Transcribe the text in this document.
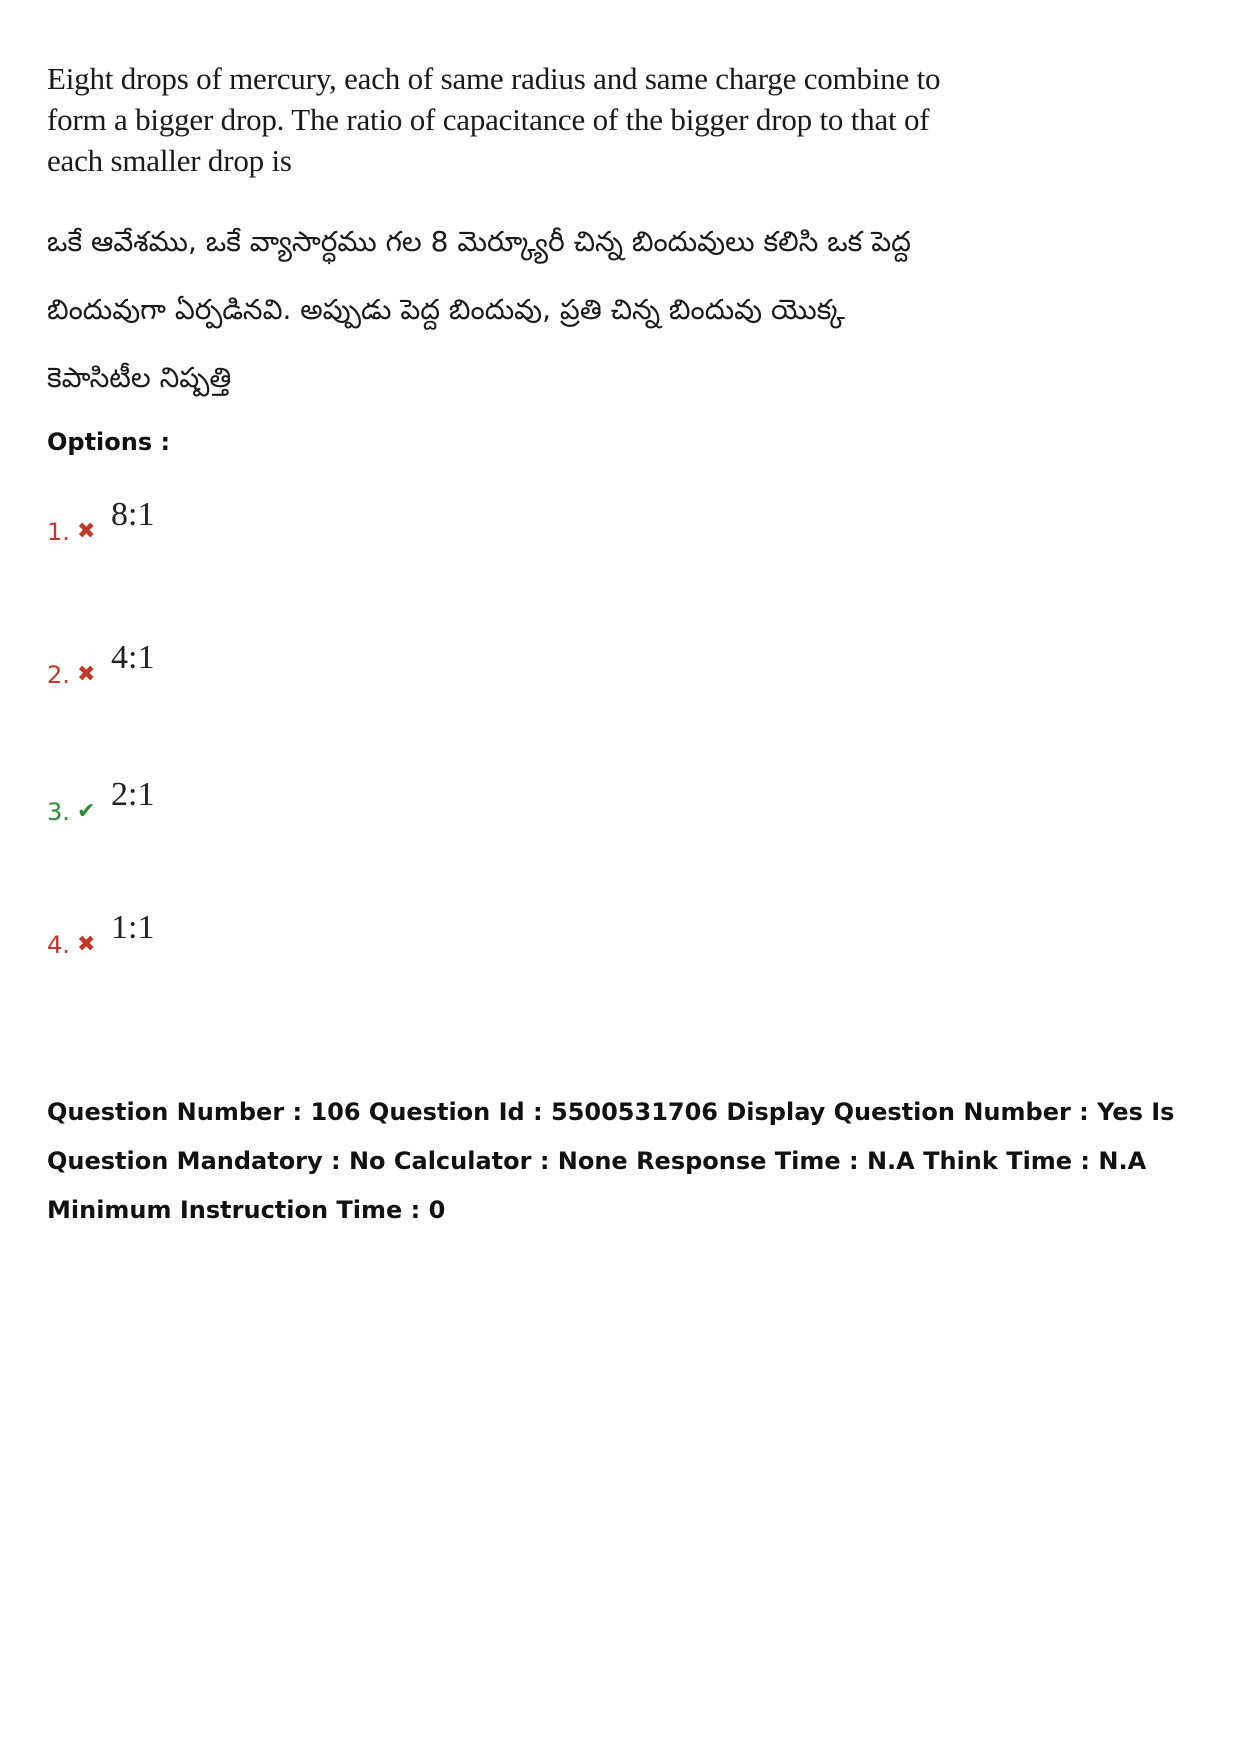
Eight drops of mercury, each of same radius and same charge combine to form a bigger drop. The ratio of capacitance of the bigger drop to that of each smaller drop is
ఒకే ఆవేశము, ఒకే వ్యాసార్ధము గల 8 మెర్క్యూరీ చిన్న బిందువులు కలిసి ఒక పెద్ద బిందువుగా ఏర్పడినవి. అప్పుడు పెద్ద బిందువు, ప్రతి చిన్న బిందువు యొక్క కెపాసిటీల నిష్పత్తి
Options :
1. ✖ 8:1
2. ✖ 4:1
3. ✔ 2:1
4. ✖ 1:1
Question Number : 106 Question Id : 5500531706 Display Question Number : Yes Is Question Mandatory : No Calculator : None Response Time : N.A Think Time : N.A Minimum Instruction Time : 0
